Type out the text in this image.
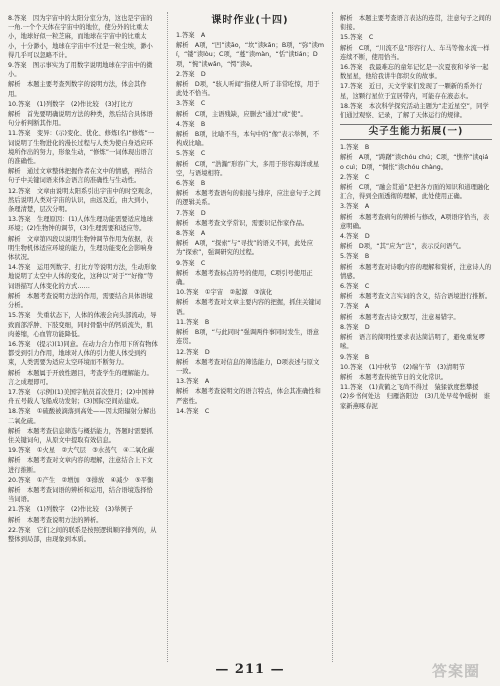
8.答案　因为宇宙中的太阳分室分为，这也是宇宙的一角.一个个天体在宇宙中的地位，使分外的比重太小，地球好似一粒芝麻，而地球在宇宙中的比重太小，十分渺小，地球在宇宙中不过是一粒尘埃，渺小得几乎可以忽略不计。
9.答案　图示事实为了用数字说明地球在宇宙中的微小。
解析　本题主要考查列数字的说明方法，体会其作用。
10.答案　(1)列数字　(2)作比较　(3)打比方
解析　首先要明确说明方法的种类，然后结合具体语句分析判断其作用。
11.答案　变异：(示)变化、优化、修炼(名)“修炼”一词说明了生物进化的漫长过程与人类为使自身适应环境所作出的努力，形象生动，“修炼”一词体现出语言的准确性。
解析　通过文章整体把握作者在文中的情感，再结合句子中关键词语来体会语言的准确性与生动性。
12.答案　文章由说明太阳系引出宇宙中的时空观念，然后说明人类对宇宙的认识，由远及近，由大到小，条理清楚，层次分明。
13.答案　生理原因：(1)人体生理功能需要适应地球环境；(2)生物钟的调节，(3)生理需要和适应等。
解析　文章第四段以说明生物钟调节作用为依据，表明生物机体适应环境的能力，生理功能变化会影响身体状况。
14.答案　运用列数字、打比方等说明方法，生动形象地说明了太空中人体的变化，这种以“对于”“好像”等词语描写人体变化的方式……
解析　本题考查说明方法的作用，需要结合具体语境分析。
15.答案　失重状态下，人体的体液会向头部流动，导致面部浮肿、下肢变细，同时骨骼中的钙质流失，肌肉萎缩，心血管功能降低。
16.答案　(提示)(1)同意。在动力合力作用下所有物体都受到引力作用，地球对人体的引力使人体受到约束，人类需要为适应太空环境而不断努力。
解析　本题属于开放性题目，考查学生的理解能力。言之成理即可。
17.答案　(示例)(1)美国宇航员首次登月；(2)中国神舟五号载人飞船成功发射；(3)国际空间站建成。
18.答案　①硫酸被滴落到高处——因太阳辐射分解出二氧化硫。
解析　本题考查信息筛选与概括能力，答题时需要抓住关键词句，从原文中提取有效信息。
19.答案　①火星　②大气层　③水蒸气　④二氧化碳
解析　本题考查对文章内容的理解，注意结合上下文进行推断。
20.答案　①产生　②增加　③排放　④减少　⑤平衡
解析　本题考查词语的辨析和运用，结合语境选择恰当词语。
21.答案　(1)列数字　(2)作比较　(3)举例子
解析　本题考查说明方法的辨析。
22.答案　它们之间的联系是按照逻辑顺序排列的，从整体到局部，由现象到本质。
课时作业(十四)
1.答案　A
解析　A项，“凹”读āo，“坎”读kǎn；B项，“弥”读mí，“镂”读lòu；C项，“蔓”读màn，“恬”读tián；D项，“惋”读wǎn，“愕”读è。
2.答案　D
解析　D项，“骇人听闻”指使人听了非常吃惊，用于此处不恰当。
3.答案　C
解析　C项，主语残缺，应删去“通过”或“使”。
4.答案　B
解析　B项，比喻不当，本句中的“像”表示举例，不构成比喻。
5.答案　C
解析　C项，“浩瀚”形容广大，多用于形容海洋或星空，与语境相符。
6.答案　B
解析　本题考查语句的衔接与排序，应注意句子之间的逻辑关系。
7.答案　D
解析　本题考查文学常识，需要识记作家作品。
8.答案　A
解析　A项，“探索”与“寻找”的语义不同，此处应为“探索”，强调研究的过程。
9.答案　C
解析　本题考查标点符号的使用，C项引号使用正确。
10.答案　①宇宙　②起源　③演化
解析　本题考查对文章主要内容的把握，抓住关键词语。
11.答案　B
解析　B项，“与此同时”强调两件事同时发生，语意连贯。
12.答案　D
解析　本题考查对信息的筛选能力，D项表述与原文一致。
13.答案　A
解析　本题考查说明文的语言特点，体会其准确性和严密性。
14.答案　C
解析　本题主要考查语言表达的连贯，注意句子之间的衔接。
15.答案　C
解析　C项，“川流不息”形容行人、车马等像水流一样连续不断，使用恰当。
16.答案　我最难忘的童年记忆是一次夏夜和爷爷一起数星星，他给我讲牛郎织女的故事。
17.答案　近日，天文学家们发现了一颗新的系外行星，这颗行星位于宜居带内，可能存在液态水。
18.答案　本次科学探究活动主题为“走近星空”，同学们通过观察、记录，了解了天体运行的规律。
尖子生能力拓展(一)
1.答案　B
解析　A项，“踌躇”读chóu chú；C项，“憔悴”读qiáo cuì；D项，“惆怅”读chóu chàng。
2.答案　C
解析　C项，“融会贯通”是把各方面的知识和道理融化汇合，得到全面透彻的理解，此处使用正确。
3.答案　A
解析　本题考查病句的辨析与修改，A项语序恰当，表意明确。
4.答案　D
解析　D项，“其”应为“岂”，表示反问语气。
5.答案　B
解析　本题考查对诗歌内容的理解和赏析，注意诗人的情感。
6.答案　C
解析　本题考查文言实词的含义，结合语境进行推断。
7.答案　A
解析　本题考查古诗文默写，注意易错字。
8.答案　D
解析　语言的简明性要求表达简洁明了，避免重复啰嗦。
9.答案　B
10.答案　(1)中秋节　(2)端午节　(3)清明节
解析　本题考查传统节日的文化常识。
11.答案　(1)黄鹤之飞尚不得过　猿猱欲度愁攀援　(2)乡书何处达　归雁洛阳边　(3)几处早莺争暖树　谁家新燕啄春泥
— 211 —	答案圈
